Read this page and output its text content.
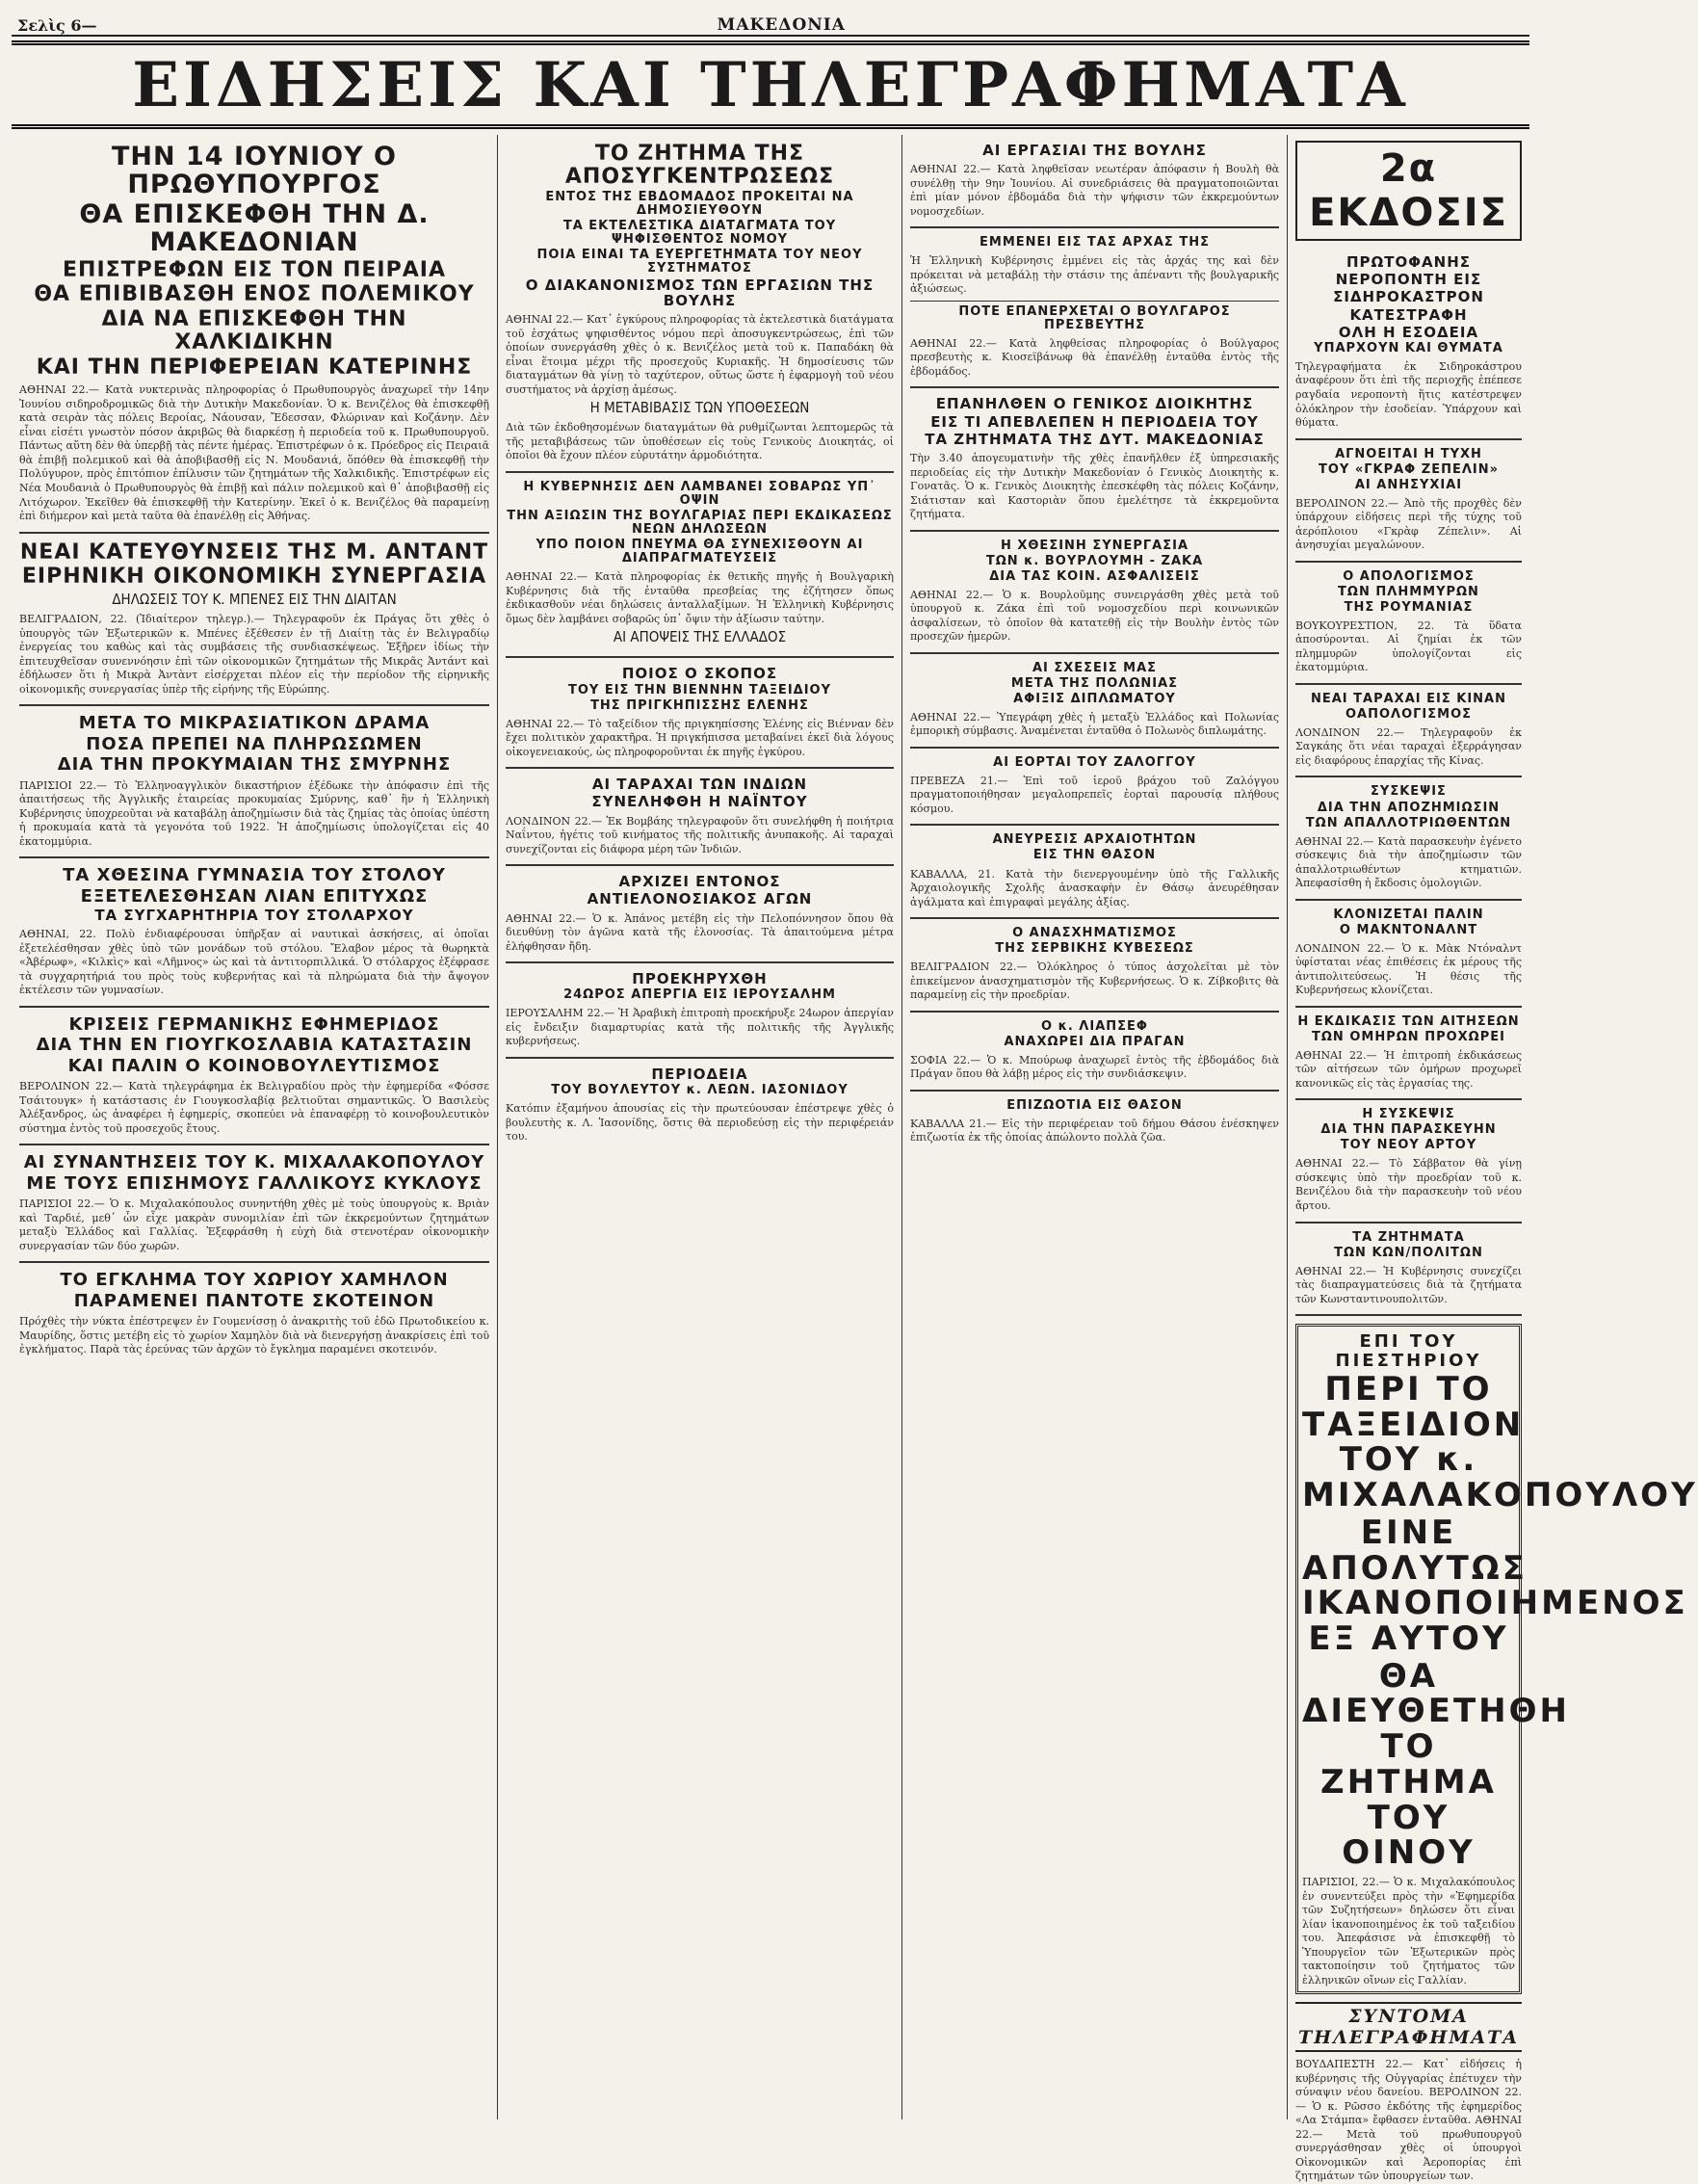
Σελὶς 6—	ΜΑΚΕΔΟΝΙΑ
ΕΙΔΗΣΕΙΣ ΚΑΙ ΤΗΛΕΓΡΑΦΗΜΑΤΑ
ΤΗΝ 14 ΙΟΥΝΙΟΥ Ο ΠΡΩΘΥΠΟΥΡΓΟΣ
ΘΑ ΕΠΙΣΚΕΦΘΗ ΤΗΝ Δ. ΜΑΚΕΔΟΝΙΑΝ
ΕΠΙΣΤΡΕΦΩΝ ΕΙΣ ΤΟΝ ΠΕΙΡΑΙΑ
ΘΑ ΕΠΙΒΙΒΑΣΘΗ ΕΝΟΣ ΠΟΛΕΜΙΚΟΥ
ΔΙΑ ΝΑ ΕΠΙΣΚΕΦΘΗ ΤΗΝ ΧΑΛΚΙΔΙΚΗΝ
ΚΑΙ ΤΗΝ ΠΕΡΙΦΕΡΕΙΑΝ ΚΑΤΕΡΙΝΗΣ

ΑΘΗΝΑΙ 22.— Κατὰ νυκτερινὰς πληροφορίας ὁ Πρωθυπουργὸς ἀναχωρεῖ τὴν 14ην Ἰουνίου σιδηροδρομικῶς διὰ τὴν Δυτικὴν Μακεδονίαν. Ὁ κ. Βενιζέλος θὰ ἐπισκεφθῇ κατὰ σειρὰν τὰς πόλεις Βεροίας, Νάουσαν, Ἔδεσσαν, Φλώριναν καὶ Κοζάνην. Δὲν εἶναι εἰσέτι γνωστὸν πόσον ἀκριβῶς θὰ διαρκέσῃ ἡ περιοδεία τοῦ κ. Πρωθυπουργοῦ. Πάντως αὕτη δὲν θὰ ὑπερβῇ τὰς πέντε ἡμέρας. Ἐπιστρέφων ὁ κ. Πρόεδρος εἰς Πειραιᾶ θὰ ἐπιβῇ πολεμικοῦ καὶ θὰ ἀποβιβασθῇ εἰς Ν. Μουδανιά, ὅπόθεν θὰ ἐπισκεφθῇ τὴν Πολύγυρον, πρὸς ἐπιτόπιον ἐπίλυσιν τῶν ζητημάτων τῆς Χαλκιδικῆς. Ἐπιστρέφων εἰς Νέα Μουδανιὰ ὁ Πρωθυπουργὸς θὰ ἐπιβῇ καὶ πάλιν πολεμικοῦ καὶ θ᾽ ἀποβιβασθῇ εἰς Λιτόχωρον. Ἐκεῖθεν θὰ ἐπισκεφθῇ τὴν Κατερίνην. Ἐκεῖ ὁ κ. Βενιζέλος θὰ παραμείνῃ ἐπὶ διήμερον καὶ μετὰ ταῦτα θὰ ἐπανέλθῃ εἰς Ἀθήνας.

ΝΕΑΙ ΚΑΤΕΥΘΥΝΣΕΙΣ ΤΗΣ Μ. ΑΝΤΑΝΤ
ΕΙΡΗΝΙΚΗ ΟΙΚΟΝΟΜΙΚΗ ΣΥΝΕΡΓΑΣΙΑ
ΔΗΛΩΣΕΙΣ ΤΟΥ Κ. ΜΠΕΝΕΣ ΕΙΣ ΤΗΝ ΔΙΑΙΤΑΝ

ΒΕΛΙΓΡΑΔΙΟΝ, 22. (Ἰδιαίτερον τηλεγρ.).— Τηλεγραφοῦν ἐκ Πράγας ὅτι χθὲς ὁ ὑπουργὸς τῶν Ἐξωτερικῶν κ. Μπένες ἐξέθεσεν ἐν τῇ Διαίτῃ τὰς ἐν Βελιγραδίῳ ἐνεργείας του καθὼς καὶ τὰς συμβάσεις τῆς συνδιασκέψεως. Ἐξῆρεν ἰδίως τὴν ἐπιτευχθεῖσαν συνεννόησιν ἐπὶ τῶν οἰκονομικῶν ζητημάτων τῆς Μικρᾶς Ἀντάντ καὶ ἐδήλωσεν ὅτι ἡ Μικρὰ Ἀντὰντ εἰσέρχεται πλέον εἰς τὴν περίοδον τῆς εἰρηνικῆς οἰκονομικῆς συνεργασίας ὑπὲρ τῆς εἰρήνης τῆς Εὐρώπης.

ΜΕΤΑ ΤΟ ΜΙΚΡΑΣΙΑΤΙΚΟΝ ΔΡΑΜΑ
ΠΟΣΑ ΠΡΕΠΕΙ ΝΑ ΠΛΗΡΩΣΩΜΕΝ
ΔΙΑ ΤΗΝ ΠΡΟΚΥΜΑΙΑΝ ΤΗΣ ΣΜΥΡΝΗΣ

ΠΑΡΙΣΙΟΙ 22.— Τὸ Ἑλληνοαγγλικὸν δικαστήριον ἐξέδωκε τὴν ἀπόφασιν ἐπὶ τῆς ἀπαιτήσεως τῆς Ἀγγλικῆς ἑταιρείας προκυμαίας Σμύρνης, καθ᾽ ἣν ἡ Ἑλληνικὴ Κυβέρνησις ὑποχρεοῦται νὰ καταβάλῃ ἀποζημίωσιν διὰ τὰς ζημίας τὰς ὁποίας ὑπέστη ἡ προκυμαία κατὰ τὰ γεγονότα τοῦ 1922. Ἡ ἀποζημίωσις ὑπολογίζεται εἰς 40 ἑκατομμύρια.

ΤΑ ΧΘΕΣΙΝΑ ΓΥΜΝΑΣΙΑ ΤΟΥ ΣΤΟΛΟΥ
ΕΞΕΤΕΛΕΣΘΗΣΑΝ ΛΙΑΝ ΕΠΙΤΥΧΩΣ
ΤΑ ΣΥΓΧΑΡΗΤΗΡΙΑ ΤΟΥ ΣΤΟΛΑΡΧΟΥ

ΑΘΗΝΑΙ, 22. Πολὺ ἐνδιαφέρουσαι ὑπῆρξαν αἱ ναυτικαὶ ἀσκήσεις, αἱ ὁποῖαι ἐξετελέσθησαν χθὲς ὑπὸ τῶν μονάδων τοῦ στόλου. Ἔλαβον μέρος τὰ θωρηκτὰ «Ἀβέρωφ», «Κιλκὶς» καὶ «Λῆμνος» ὡς καὶ τὰ ἀντιτορπιλλικά. Ὁ στόλαρχος ἐξέφρασε τὰ συγχαρητήριά του πρὸς τοὺς κυβερνήτας καὶ τὰ πληρώματα διὰ τὴν ἄψογον ἐκτέλεσιν τῶν γυμνασίων.

ΚΡΙΣΕΙΣ ΓΕΡΜΑΝΙΚΗΣ ΕΦΗΜΕΡΙΔΟΣ
ΔΙΑ ΤΗΝ ΕΝ ΓΙΟΥΓΚΟΣΛΑΒΙΑ ΚΑΤΑΣΤΑΣΙΝ
ΚΑΙ ΠΑΛΙΝ Ο ΚΟΙΝΟΒΟΥΛΕΥΤΙΣΜΟΣ

ΒΕΡΟΛΙΝΟΝ 22.— Κατὰ τηλεγράφημα ἐκ Βελιγραδίου πρὸς τὴν ἐφημερίδα «Φόσσε Τσάιτουγκ» ἡ κατάστασις ἐν Γιουγκοσλαβίᾳ βελτιοῦται σημαντικῶς. Ὁ Βασιλεὺς Ἀλέξανδρος, ὡς ἀναφέρει ἡ ἐφημερίς, σκοπεύει νὰ ἐπαναφέρῃ τὸ κοινοβουλευτικὸν σύστημα ἐντὸς τοῦ προσεχοῦς ἔτους.

ΑΙ ΣΥΝΑΝΤΗΣΕΙΣ ΤΟΥ Κ. ΜΙΧΑΛΑΚΟΠΟΥΛΟΥ
ΜΕ ΤΟΥΣ ΕΠΙΣΗΜΟΥΣ ΓΑΛΛΙΚΟΥΣ ΚΥΚΛΟΥΣ

ΠΑΡΙΣΙΟΙ 22.— Ὁ κ. Μιχαλακόπουλος συνηντήθη χθὲς μὲ τοὺς ὑπουργοὺς κ. Βριὰν καὶ Ταρδιέ, μεθ᾽ ὧν εἶχε μακρὰν συνομιλίαν ἐπὶ τῶν ἐκκρεμούντων ζητημάτων μεταξὺ Ἑλλάδος καὶ Γαλλίας. Ἐξεφράσθη ἡ εὐχὴ διὰ στενοτέραν οἰκονομικὴν συνεργασίαν τῶν δύο χωρῶν.

ΤΟ ΕΓΚΛΗΜΑ ΤΟΥ ΧΩΡΙΟΥ ΧΑΜΗΛΟΝ
ΠΑΡΑΜΕΝΕΙ ΠΑΝΤΟΤΕ ΣΚΟΤΕΙΝΟΝ

Πρόχθὲς τὴν νύκτα ἐπέστρεψεν ἐν Γουμενίσσῃ ὁ ἀνακριτὴς τοῦ ἐδῶ Πρωτοδικείου κ. Μαυρίδης, ὅστις μετέβη εἰς τὸ χωρίον Χαμηλὸν διὰ νὰ διενεργήσῃ ἀνακρίσεις ἐπὶ τοῦ ἐγκλήματος. Παρὰ τὰς ἐρεύνας τῶν ἀρχῶν τὸ ἔγκλημα παραμένει σκοτεινόν.

ΤΟ ΖΗΤΗΜΑ ΤΗΣ ΑΠΟΣΥΓΚΕΝΤΡΩΣΕΩΣ
ΕΝΤΟΣ ΤΗΣ ΕΒΔΟΜΑΔΟΣ ΠΡΟΚΕΙΤΑΙ ΝΑ ΔΗΜΟΣΙΕΥΘΟΥΝ
ΤΑ ΕΚΤΕΛΕΣΤΙΚΑ ΔΙΑΤΑΓΜΑΤΑ ΤΟΥ ΨΗΦΙΣΘΕΝΤΟΣ ΝΟΜΟΥ
ΠΟΙΑ ΕΙΝΑΙ ΤΑ ΕΥΕΡΓΕΤΗΜΑΤΑ ΤΟΥ ΝΕΟΥ ΣΥΣΤΗΜΑΤΟΣ
Ο ΔΙΑΚΑΝΟΝΙΣΜΟΣ ΤΩΝ ΕΡΓΑΣΙΩΝ ΤΗΣ ΒΟΥΛΗΣ

ΑΘΗΝΑΙ 22.— Κατ᾽ ἐγκύρους πληροφορίας τὰ ἐκτελεστικὰ διατάγματα τοῦ ἐσχάτως ψηφισθέντος νόμου περὶ ἀποσυγκεντρώσεως, ἐπὶ τῶν ὁποίων συνεργάσθη χθὲς ὁ κ. Βενιζέλος μετὰ τοῦ κ. Παπαδάκη θὰ εἶναι ἕτοιμα μέχρι τῆς προσεχοῦς Κυριακῆς. Ἡ δημοσίευσις τῶν διαταγμάτων θὰ γίνῃ τὸ ταχύτερον, οὕτως ὥστε ἡ ἐφαρμογὴ τοῦ νέου συστήματος νὰ ἀρχίσῃ ἀμέσως.

Η ΜΕΤΑΒΙΒΑΣΙΣ ΤΩΝ ΥΠΟΘΕΣΕΩΝ

Διὰ τῶν ἐκδοθησομένων διαταγμάτων θὰ ρυθμίζωνται λεπτομερῶς τὰ τῆς μεταβιβάσεως τῶν ὑποθέσεων εἰς τοὺς Γενικοὺς Διοικητάς, οἱ ὁποῖοι θὰ ἔχουν πλέον εὐρυτάτην ἁρμοδιότητα.

Η ΚΥΒΕΡΝΗΣΙΣ ΔΕΝ ΛΑΜΒΑΝΕΙ ΣΟΒΑΡΩΣ ΥΠ᾽ ΟΨΙΝ
ΤΗΝ ΑΞΙΩΣΙΝ ΤΗΣ ΒΟΥΛΓΑΡΙΑΣ ΠΕΡΙ ΕΚΔΙΚΑΣΕΩΣ ΝΕΩΝ ΔΗΛΩΣΕΩΝ
ΥΠΟ ΠΟΙΟΝ ΠΝΕΥΜΑ ΘΑ ΣΥΝΕΧΙΣΘΟΥΝ ΑΙ ΔΙΑΠΡΑΓΜΑΤΕΥΣΕΙΣ

ΑΘΗΝΑΙ 22.— Κατὰ πληροφορίας ἐκ θετικῆς πηγῆς ἡ Βουλγαρικὴ Κυβέρνησις διὰ τῆς ἐνταῦθα πρεσβείας της ἐζήτησεν ὅπως ἐκδικασθοῦν νέαι δηλώσεις ἀνταλλαξίμων. Ἡ Ἑλληνικὴ Κυβέρνησις ὅμως δὲν λαμβάνει σοβαρῶς ὑπ᾽ ὄψιν τὴν ἀξίωσιν ταύτην.

ΑΙ ΑΠΟΨΕΙΣ ΤΗΣ ΕΛΛΑΔΟΣ
ΠΟΙΟΣ Ο ΣΚΟΠΟΣ
ΤΟΥ ΕΙΣ ΤΗΝ ΒΙΕΝΝΗΝ ΤΑΞΕΙΔΙΟΥ
ΤΗΣ ΠΡΙΓΚΗΠΙΣΣΗΣ ΕΛΕΝΗΣ

ΑΘΗΝΑΙ 22.— Τὸ ταξείδιον τῆς πριγκηπίσσης Ἑλένης εἰς Βιένναν δὲν ἔχει πολιτικὸν χαρακτῆρα. Ἡ πριγκήπισσα μεταβαίνει ἐκεῖ διὰ λόγους οἰκογενειακούς, ὡς πληροφοροῦνται ἐκ πηγῆς ἐγκύρου.

ΑΙ ΤΑΡΑΧΑΙ ΤΩΝ ΙΝΔΙΩΝ
ΣΥΝΕΛΗΦΘΗ Η ΝΑΪΝΤΟΥ

ΛΟΝΔΙΝΟΝ 22.— Ἐκ Βομβάης τηλεγραφοῦν ὅτι συνελήφθη ἡ ποιήτρια Ναΐντου, ἡγέτις τοῦ κινήματος τῆς πολιτικῆς ἀνυπακοῆς. Αἱ ταραχαὶ συνεχίζονται εἰς διάφορα μέρη τῶν Ἰνδιῶν.

ΑΡΧΙΖΕΙ ΕΝΤΟΝΟΣ
ΑΝΤΙΕΛΟΝΟΣΙΑΚΟΣ ΑΓΩΝ

ΑΘΗΝΑΙ 22.— Ὁ κ. Ἀπάνος μετέβη εἰς τὴν Πελοπόννησον ὅπου θὰ διευθύνῃ τὸν ἀγῶνα κατὰ τῆς ἐλονοσίας. Τὰ ἀπαιτούμενα μέτρα ἐλήφθησαν ἤδη.

ΠΡΟΕΚΗΡΥΧΘΗ
24ΩΡΟΣ ΑΠΕΡΓΙΑ ΕΙΣ ΙΕΡΟΥΣΑΛΗΜ

ΙΕΡΟΥΣΑΛΗΜ 22.— Ἡ Ἀραβικὴ ἐπιτροπὴ προεκήρυξε 24ωρον ἀπεργίαν εἰς ἔνδειξιν διαμαρτυρίας κατὰ τῆς πολιτικῆς τῆς Ἀγγλικῆς κυβερνήσεως.

ΠΕΡΙΟΔΕΙΑ
ΤΟΥ ΒΟΥΛΕΥΤΟΥ κ. ΛΕΩΝ. ΙΑΣΟΝΙΔΟΥ

Κατόπιν ἐξαμήνου ἀπουσίας εἰς τὴν πρωτεύουσαν ἐπέστρεψε χθὲς ὁ βουλευτὴς κ. Λ. Ἰασονίδης, ὅστις θὰ περιοδεύσῃ εἰς τὴν περιφέρειάν του.

ΑΙ ΕΡΓΑΣΙΑΙ ΤΗΣ ΒΟΥΛΗΣ

ΑΘΗΝΑΙ 22.— Κατὰ ληφθεῖσαν νεωτέραν ἀπόφασιν ἡ Βουλὴ θὰ συνέλθῃ τὴν 9ην Ἰουνίου. Αἱ συνεδριάσεις θὰ πραγματοποιῶνται ἐπὶ μίαν μόνον ἑβδομάδα διὰ τὴν ψήφισιν τῶν ἐκκρεμούντων νομοσχεδίων.

ΕΜΜΕΝΕΙ ΕΙΣ ΤΑΣ ΑΡΧΑΣ ΤΗΣ

Ἡ Ἑλληνικὴ Κυβέρνησις ἐμμένει εἰς τὰς ἀρχάς της καὶ δὲν πρόκειται νὰ μεταβάλῃ τὴν στάσιν της ἀπέναντι τῆς βουλγαρικῆς ἀξιώσεως.

ΠΟΤΕ ΕΠΑΝΕΡΧΕΤΑΙ Ο ΒΟΥΛΓΑΡΟΣ ΠΡΕΣΒΕΥΤΗΣ

ΑΘΗΝΑΙ 22.— Κατὰ ληφθείσας πληροφορίας ὁ Βούλγαρος πρεσβευτὴς κ. Κιοσεϊβάνωφ θὰ ἐπανέλθῃ ἐνταῦθα ἐντὸς τῆς ἑβδομάδος.

ΕΠΑΝΗΛΘΕΝ Ο ΓΕΝΙΚΟΣ ΔΙΟΙΚΗΤΗΣ
ΕΙΣ ΤΙ ΑΠΕΒΛΕΠΕΝ Η ΠΕΡΙΟΔΕΙΑ ΤΟΥ
ΤΑ ΖΗΤΗΜΑΤΑ ΤΗΣ ΔΥΤ. ΜΑΚΕΔΟΝΙΑΣ

Τὴν 3.40 ἀπογευματινὴν τῆς χθὲς ἐπανῆλθεν ἐξ ὑπηρεσιακῆς περιοδείας εἰς τὴν Δυτικὴν Μακεδονίαν ὁ Γενικὸς Διοικητὴς κ. Γονατᾶς. Ὁ κ. Γενικὸς Διοικητὴς ἐπεσκέφθη τὰς πόλεις Κοζάνην, Σιάτισταν καὶ Καστοριὰν ὅπου ἐμελέτησε τὰ ἐκκρεμοῦντα ζητήματα.

Η ΧΘΕΣΙΝΗ ΣΥΝΕΡΓΑΣΙΑ
ΤΩΝ κ. ΒΟΥΡΛΟΥΜΗ - ΖΑΚΑ
ΔΙΑ ΤΑΣ ΚΟΙΝ. ΑΣΦΑΛΙΣΕΙΣ

ΑΘΗΝΑΙ 22.— Ὁ κ. Βουρλοῦμης συνειργάσθη χθὲς μετὰ τοῦ ὑπουργοῦ κ. Ζάκα ἐπὶ τοῦ νομοσχεδίου περὶ κοινωνικῶν ἀσφαλίσεων, τὸ ὁποῖον θὰ κατατεθῇ εἰς τὴν Βουλὴν ἐντὸς τῶν προσεχῶν ἡμερῶν.

ΑΙ ΣΧΕΣΕΙΣ ΜΑΣ
ΜΕΤΑ ΤΗΣ ΠΟΛΩΝΙΑΣ
ΑΦΙΞΙΣ ΔΙΠΛΩΜΑΤΟΥ

ΑΘΗΝΑΙ 22.— Ὑπεγράφη χθὲς ἡ μεταξὺ Ἑλλάδος καὶ Πολωνίας ἐμπορικὴ σύμβασις. Ἀναμένεται ἐνταῦθα ὁ Πολωνὸς διπλωμάτης.

ΑΙ ΕΟΡΤΑΙ ΤΟΥ ΖΑΛΟΓΓΟΥ

ΠΡΕΒΕΖΑ 21.— Ἐπὶ τοῦ ἱεροῦ βράχου τοῦ Ζαλόγγου πραγματοποιήθησαν μεγαλοπρεπεῖς ἐορταὶ παρουσίᾳ πλήθους κόσμου.

ΑΝΕΥΡΕΣΙΣ ΑΡΧΑΙΟΤΗΤΩΝ
ΕΙΣ ΤΗΝ ΘΑΣΟΝ

ΚΑΒΑΛΛΑ, 21. Κατὰ τὴν διενεργουμένην ὑπὸ τῆς Γαλλικῆς Ἀρχαιολογικῆς Σχολῆς ἀνασκαφὴν ἐν Θάσῳ ἀνευρέθησαν ἀγάλματα καὶ ἐπιγραφαὶ μεγάλης ἀξίας.

Ο ΑΝΑΣΧΗΜΑΤΙΣΜΟΣ
ΤΗΣ ΣΕΡΒΙΚΗΣ ΚΥΒΕΣΕΩΣ

ΒΕΛΙΓΡΑΔΙΟΝ 22.— Ὁλόκληρος ὁ τύπος ἀσχολεῖται μὲ τὸν ἐπικείμενον ἀνασχηματισμὸν τῆς Κυβερνήσεως. Ὁ κ. Ζίβκοβιτς θὰ παραμείνῃ εἰς τὴν προεδρίαν.

Ο κ. ΛΙΑΠΣΕΦ
ΑΝΑΧΩΡΕΙ ΔΙΑ ΠΡΑΓΑΝ

ΣΟΦΙΑ 22.— Ὁ κ. Μπούρωφ ἀναχωρεῖ ἐντὸς τῆς ἑβδομάδος διὰ Πράγαν ὅπου θὰ λάβῃ μέρος εἰς τὴν συνδιάσκεψιν.

ΕΠΙΖΩΟΤΙΑ ΕΙΣ ΘΑΣΟΝ

ΚΑΒΑΛΛΑ 21.— Εἰς τὴν περιφέρειαν τοῦ δήμου Θάσου ἐνέσκηψεν ἐπιζωοτία ἐκ τῆς ὁποίας ἀπώλοντο πολλὰ ζῶα.

2α ΕΚΔΟΣΙΣ
ΠΡΩΤΟΦΑΝΗΣ
ΝΕΡΟΠΟΝΤΗ ΕΙΣ
ΣΙΔΗΡΟΚΑΣΤΡΟΝ
ΚΑΤΕΣΤΡΑΦΗ
ΟΛΗ Η ΕΣΟΔΕΙΑ
ΥΠΑΡΧΟΥΝ ΚΑΙ ΘΥΜΑΤΑ

Τηλεγραφήματα ἐκ Σιδηροκάστρου ἀναφέρουν ὅτι ἐπὶ τῆς περιοχῆς ἐπέπεσε ραγδαία νεροποντὴ ἥτις κατέστρεψεν ὁλόκληρον τὴν ἐσοδείαν. Ὑπάρχουν καὶ θύματα.

ΑΓΝΟΕΙΤΑΙ Η ΤΥΧΗ
ΤΟΥ «ΓΚΡΑΦ ΖΕΠΕΛΙΝ»
ΑΙ ΑΝΗΣΥΧΙΑΙ

ΒΕΡΟΛΙΝΟΝ 22.— Ἀπὸ τῆς προχθὲς δὲν ὑπάρχουν εἰδήσεις περὶ τῆς τύχης τοῦ ἀερόπλοιου «Γκρὰφ Ζέπελιν». Αἱ ἀνησυχίαι μεγαλώνουν.

Ο ΑΠΟΛΟΓΙΣΜΟΣ
ΤΩΝ ΠΛΗΜΜΥΡΩΝ
ΤΗΣ ΡΟΥΜΑΝΙΑΣ

ΒΟΥΚΟΥΡΕΣΤΙΟΝ, 22. Τὰ ὕδατα ἀποσύρονται. Αἱ ζημίαι ἐκ τῶν πλημμυρῶν ὑπολογίζονται εἰς ἑκατομμύρια.

ΝΕΑΙ ΤΑΡΑΧΑΙ ΕΙΣ ΚΙΝΑΝ
ΟΑΠΟΛΟΓΙΣΜΟΣ

ΛΟΝΔΙΝΟΝ 22.— Τηλεγραφοῦν ἐκ Σαγκάης ὅτι νέαι ταραχαὶ ἐξερράγησαν εἰς διαφόρους ἐπαρχίας τῆς Κίνας.

ΣΥΣΚΕΨΙΣ
ΔΙΑ ΤΗΝ ΑΠΟΖΗΜΙΩΣΙΝ
ΤΩΝ ΑΠΑΛΛΟΤΡΙΩΘΕΝΤΩΝ

ΑΘΗΝΑΙ 22.— Κατὰ παρασκευὴν ἐγένετο σύσκεψις διὰ τὴν ἀποζημίωσιν τῶν ἀπαλλοτριωθέντων κτηματιῶν. Ἀπεφασίσθη ἡ ἔκδοσις ὁμολογιῶν.

ΚΛΟΝΙΖΕΤΑΙ ΠΑΛΙΝ
Ο ΜΑΚΝΤΟΝΑΛΝΤ

ΛΟΝΔΙΝΟΝ 22.— Ὁ κ. Μὰκ Ντόναλντ ὑφίσταται νέας ἐπιθέσεις ἐκ μέρους τῆς ἀντιπολιτεύσεως. Ἡ θέσις τῆς Κυβερνήσεως κλονίζεται.

Η ΕΚΔΙΚΑΣΙΣ ΤΩΝ ΑΙΤΗΣΕΩΝ
ΤΩΝ ΟΜΗΡΩΝ ΠΡΟΧΩΡΕΙ

ΑΘΗΝΑΙ 22.— Ἡ ἐπιτροπὴ ἐκδικάσεως τῶν αἰτήσεων τῶν ὁμήρων προχωρεῖ κανονικῶς εἰς τὰς ἐργασίας της.

Η ΣΥΣΚΕΨΙΣ
ΔΙΑ ΤΗΝ ΠΑΡΑΣΚΕΥΗΝ
ΤΟΥ ΝΕΟΥ ΑΡΤΟΥ

ΑΘΗΝΑΙ 22.— Τὸ Σάββατον θὰ γίνῃ σύσκεψις ὑπὸ τὴν προεδρίαν τοῦ κ. Βενιζέλου διὰ τὴν παρασκευὴν τοῦ νέου ἄρτου.

ΤΑ ΖΗΤΗΜΑΤΑ
ΤΩΝ ΚΩΝ/ΠΟΛΙΤΩΝ

ΑΘΗΝΑΙ 22.— Ἡ Κυβέρνησις συνεχίζει τὰς διαπραγματεύσεις διὰ τὰ ζητήματα τῶν Κωνσταντινουπολιτῶν.

ΕΠΙ ΤΟΥ ΠΙΕΣΤΗΡΙΟΥ
ΠΕΡΙ ΤΟ ΤΑΞΕΙΔΙΟΝ ΤΟΥ κ. ΜΙΧΑΛΑΚΟΠΟΥΛΟΥ
ΕΙΝΕ ΑΠΟΛΥΤΩΣ ΙΚΑΝΟΠΟΙΗΜΕΝΟΣ ΕΞ ΑΥΤΟΥ
ΘΑ ΔΙΕΥΘΕΤΗΘΗ ΤΟ ΖΗΤΗΜΑ ΤΟΥ ΟΙΝΟΥ

ΠΑΡΙΣΙΟΙ, 22.— Ὁ κ. Μιχαλακόπουλος ἐν συνεντεύξει πρὸς τὴν «Ἐφημερίδα τῶν Συζητήσεων» δηλώσεν ὅτι εἶναι λίαν ἱκανοποιημένος ἐκ τοῦ ταξειδίου του. Ἀπεφάσισε νὰ ἐπισκεφθῇ τὸ Ὑπουργεῖον τῶν Ἐξωτερικῶν πρὸς τακτοποίησιν τοῦ ζητήματος τῶν ἑλληνικῶν οἴνων εἰς Γαλλίαν.

ΣΥΝΤΟΜΑ ΤΗΛΕΓΡΑΦΗΜΑΤΑ

ΒΟΥΔΑΠΕΣΤΗ 22.— Κατ᾽ εἰδήσεις ἡ κυβέρνησις τῆς Οὐγγαρίας ἐπέτυχεν τὴν σύναψιν νέου δανείου. ΒΕΡΟΛΙΝΟΝ 22.— Ὁ κ. Ρῶσσο ἐκδότης τῆς ἐφημερίδος «Λα Στάμπα» ἔφθασεν ἐνταῦθα. ΑΘΗΝΑΙ 22.— Μετὰ τοῦ πρωθυπουργοῦ συνεργάσθησαν χθὲς οἱ ὑπουργοὶ Οἰκονομικῶν καὶ Ἀεροπορίας ἐπὶ ζητημάτων τῶν ὑπουργείων των.
